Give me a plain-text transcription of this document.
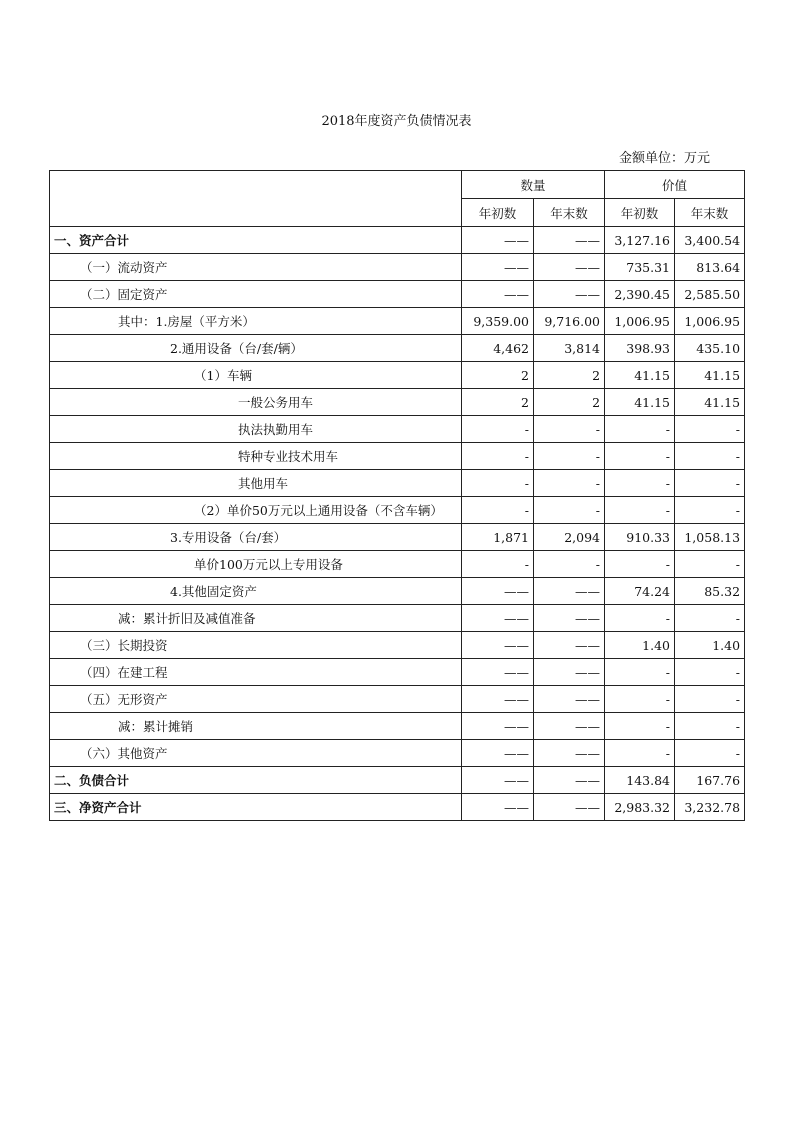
2018年度资产负债情况表
金额单位：万元
	数量		价值	
	年初数	年末数	年初数	年末数
一、资产合计	——	——	3,127.16	3,400.54
（一）流动资产	——	——	735.31	813.64
（二）固定资产	——	——	2,390.45	2,585.50
其中：1.房屋（平方米）	9,359.00	9,716.00	1,006.95	1,006.95
2.通用设备（台/套/辆）	4,462	3,814	398.93	435.10
（1）车辆	2	2	41.15	41.15
一般公务用车	2	2	41.15	41.15
执法执勤用车	-	-	-	-
特种专业技术用车	-	-	-	-
其他用车	-	-	-	-
（2）单价50万元以上通用设备（不含车辆）	-	-	-	-
3.专用设备（台/套）	1,871	2,094	910.33	1,058.13
单价100万元以上专用设备	-	-	-	-
4.其他固定资产	——	——	74.24	85.32
减：累计折旧及减值准备	——	——	-	-
（三）长期投资	——	——	1.40	1.40
（四）在建工程	——	——	-	-
（五）无形资产	——	——	-	-
减：累计摊销	——	——	-	-
（六）其他资产	——	——	-	-
二、负债合计	——	——	143.84	167.76
三、净资产合计	——	——	2,983.32	3,232.78
